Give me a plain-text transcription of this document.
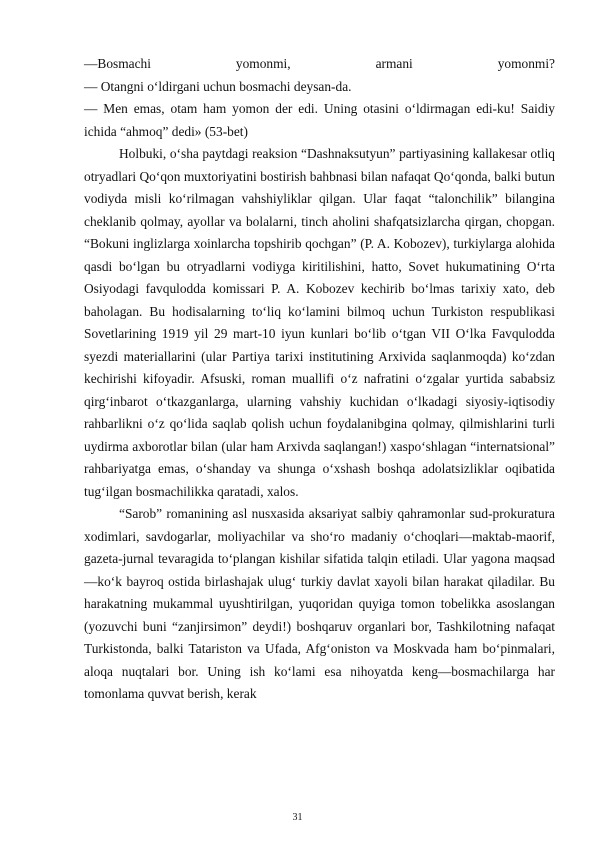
—Bosmachi yomonmi, armani yomonmi?

— Otangni o‘ldirgani uchun bosmachi deysan-da.

— Men emas, otam ham yomon der edi. Uning otasini o‘ldirmagan edi-ku! Saidiy ichida “ahmoq” dedi» (53-bet)

Holbuki, o‘sha paytdagi reaksion “Dashnaksutyun” partiyasining kallakesar otliq otryadlari Qo‘qon muxtoriyatini bostirish bahbnasi bilan nafaqat Qo‘qonda, balki butun vodiyda misli ko‘rilmagan vahshiyliklar qilgan. Ular faqat “talonchilik” bilangina cheklanib qolmay, ayollar va bolalarni, tinch aholini shafqatsizlarcha qirgan, chopgan. “Bokuni inglizlarga xoinlarcha topshirib qochgan” (P. A. Kobozev), turkiylarga alohida qasdi bo‘lgan bu otryadlarni vodiyga kiritilishini, hatto, Sovet hukumatining O‘rta Osiyodagi favqulodda komissari P. A. Kobozev kechirib bo‘lmas tarixiy xato, deb baholagan. Bu hodisalarning to‘liq ko‘lamini bilmoq uchun Turkiston respublikasi Sovetlarining 1919 yil 29 mart-10 iyun kunlari bo‘lib o‘tgan VII O‘lka Favqulodda syezdi materiallarini (ular Partiya tarixi institutining Arxivida saqlanmoqda) ko‘zdan kechirishi kifoyadir. Afsuski, roman muallifi o‘z nafratini o‘zgalar yurtida sababsiz qirg‘inbarot o‘tkazganlarga, ularning vahshiy kuchidan o‘lkadagi siyosiy-iqtisodiy rahbarlikni o‘z qo‘lida saqlab qolish uchun foydalanibgina qolmay, qilmishlarini turli uydirma axborotlar bilan (ular ham Arxivda saqlangan!) xaspo‘shlagan “internatsional” rahbariyatga emas, o‘shanday va shunga o‘xshash boshqa adolatsizliklar oqibatida tug‘ilgan bosmachilikka qaratadi, xalos.

“Sarob” romanining asl nusxasida aksariyat salbiy qahramonlar sud-prokuratura xodimlari, savdogarlar, moliyachilar va sho‘ro madaniy o‘choqlari—maktab-maorif, gazeta-jurnal tevaragida to‘plangan kishilar sifatida talqin etiladi. Ular yagona maqsad—ko‘k bayroq ostida birlashajak ulug‘ turkiy davlat xayoli bilan harakat qiladilar. Bu harakatning mukammal uyushtirilgan, yuqoridan quyiga tomon tobelikka asoslangan (yozuvchi buni “zanjirsimon” deydi!) boshqaruv organlari bor, Tashkilotning nafaqat Turkistonda, balki Tatariston va Ufada, Afg‘oniston va Moskvada ham bo‘pinmalari, aloqa nuqtalari bor. Uning ish ko‘lami esa nihoyatda keng—bosmachilarga har tomonlama quvvat berish, kerak

31
